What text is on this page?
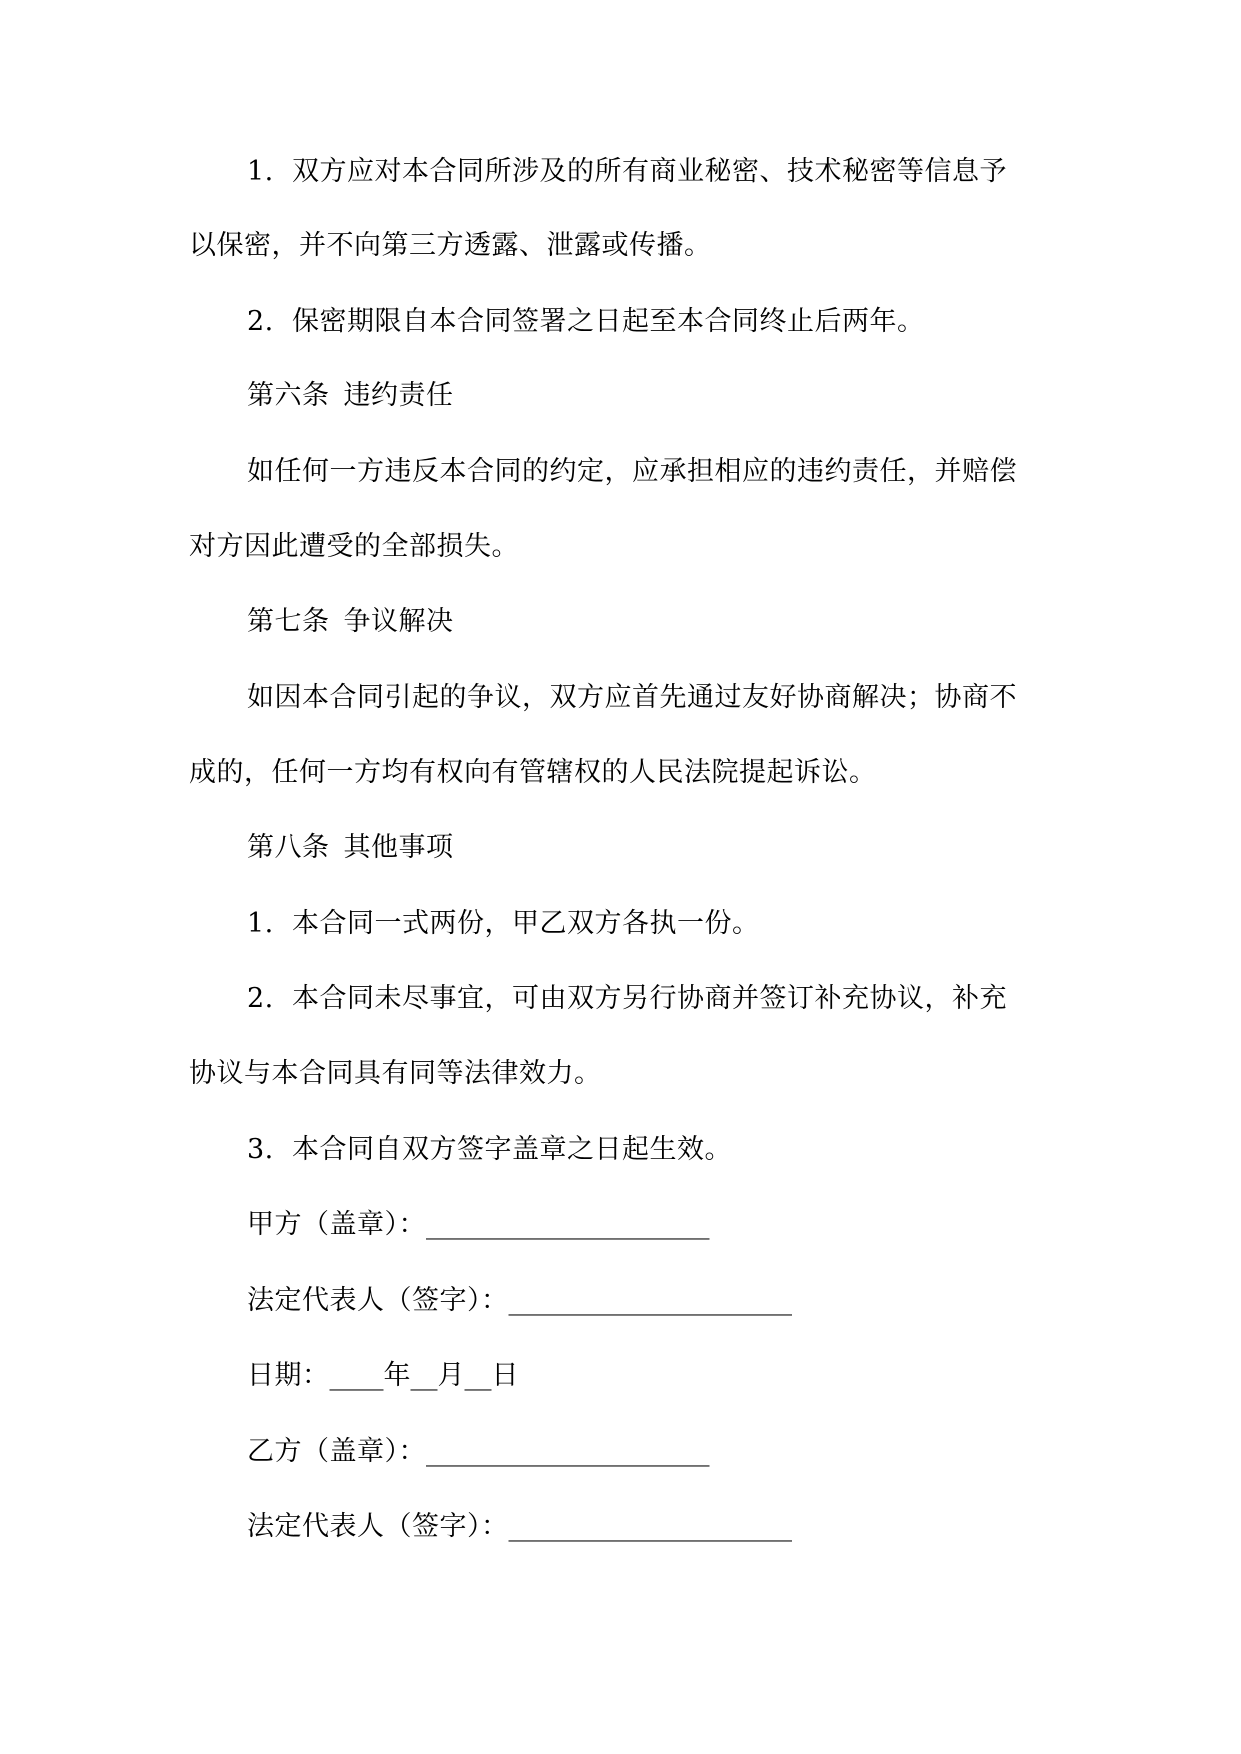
1. 双方应对本合同所涉及的所有商业秘密、技术秘密等信息予
以保密，并不向第三方透露、泄露或传播。
2. 保密期限自本合同签署之日起至本合同终止后两年。
第六条 违约责任
如任何一方违反本合同的约定，应承担相应的违约责任，并赔偿
对方因此遭受的全部损失。
第七条 争议解决
如因本合同引起的争议，双方应首先通过友好协商解决；协商不
成的，任何一方均有权向有管辖权的人民法院提起诉讼。
第八条 其他事项
1. 本合同一式两份，甲乙双方各执一份。
2. 本合同未尽事宜，可由双方另行协商并签订补充协议，补充
协议与本合同具有同等法律效力。
3. 本合同自双方签字盖章之日起生效。
甲方（盖章）：_____________________
法定代表人（签字）：_____________________
日期：____年__月__日
乙方（盖章）：_____________________
法定代表人（签字）：_____________________
